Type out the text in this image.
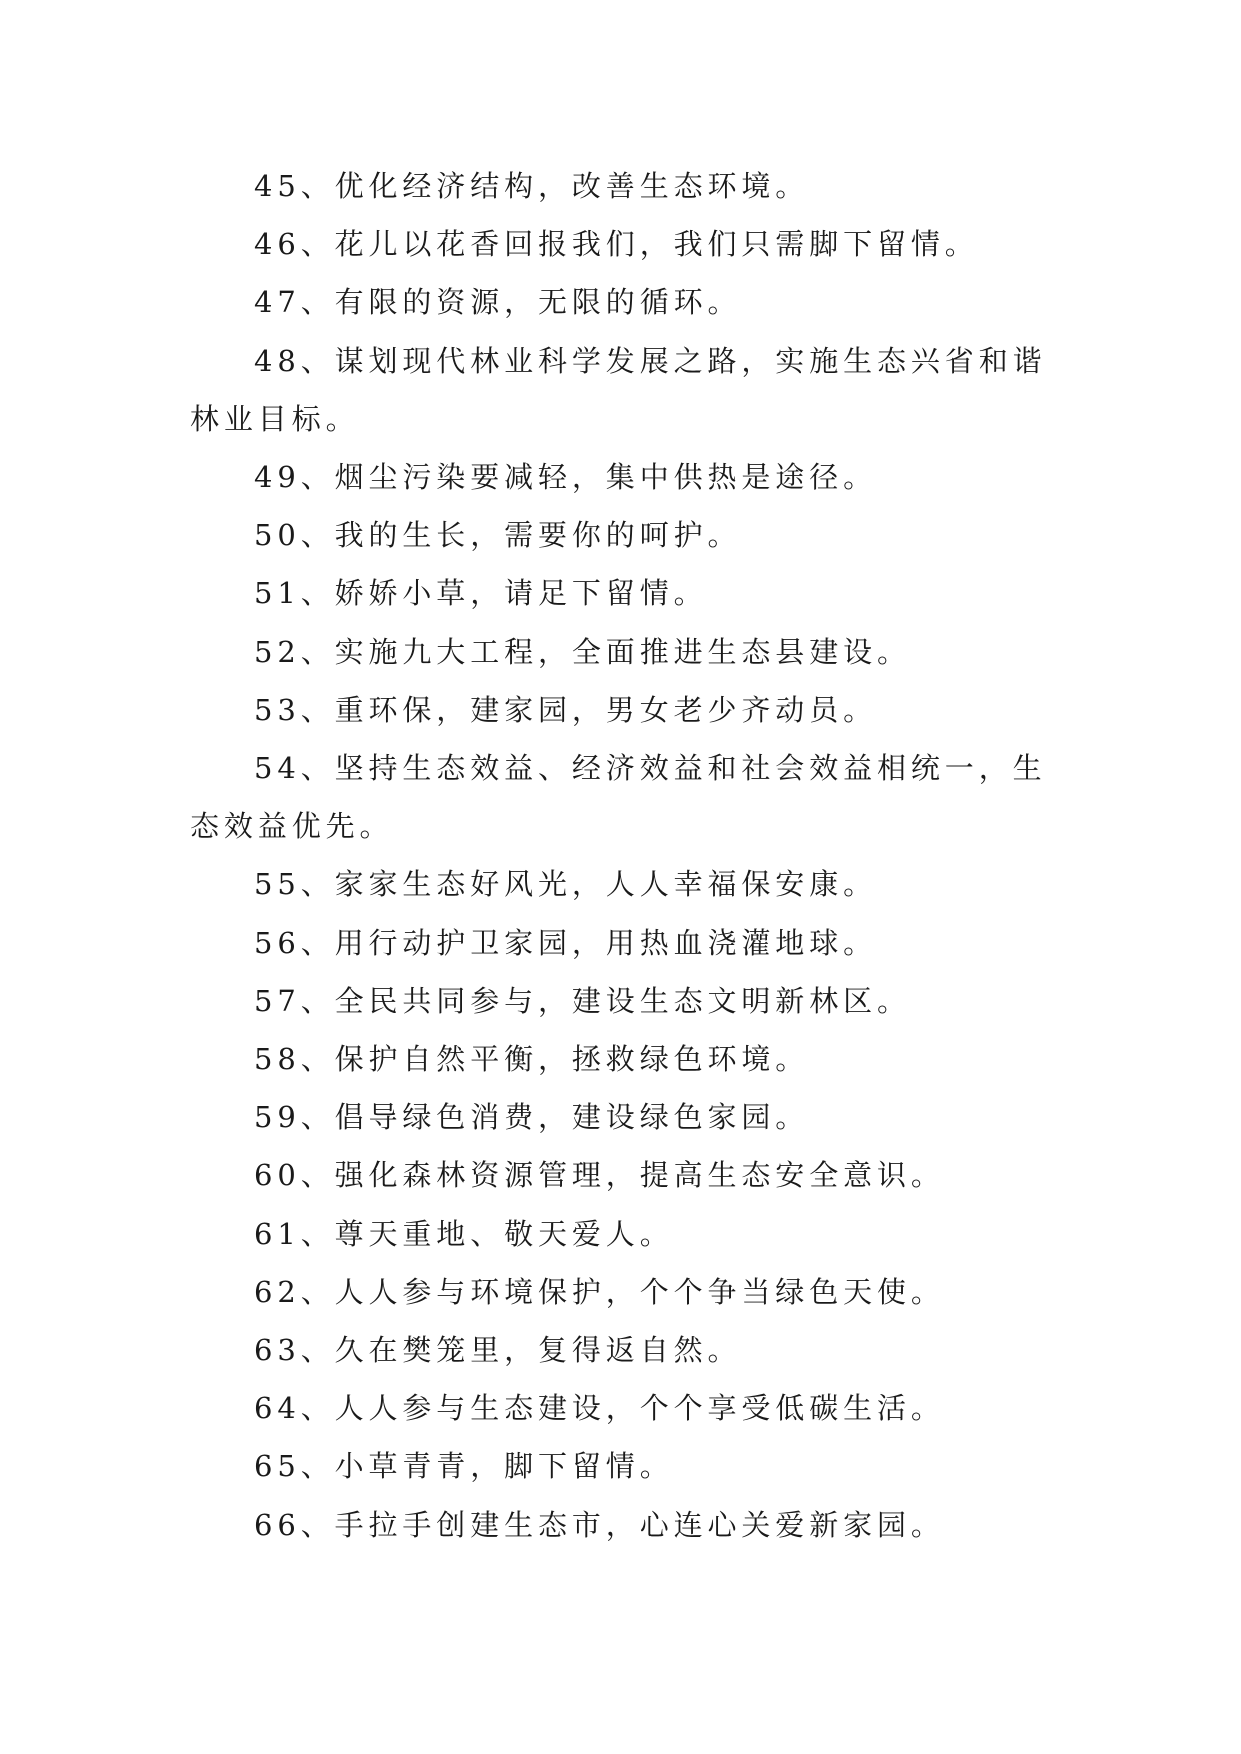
45、优化经济结构，改善生态环境。

46、花儿以花香回报我们，我们只需脚下留情。

47、有限的资源，无限的循环。

48、谋划现代林业科学发展之路，实施生态兴省和谐林业目标。

49、烟尘污染要减轻，集中供热是途径。

50、我的生长，需要你的呵护。

51、娇娇小草，请足下留情。

52、实施九大工程，全面推进生态县建设。

53、重环保，建家园，男女老少齐动员。

54、坚持生态效益、经济效益和社会效益相统一，生态效益优先。

55、家家生态好风光，人人幸福保安康。

56、用行动护卫家园，用热血浇灌地球。

57、全民共同参与，建设生态文明新林区。

58、保护自然平衡，拯救绿色环境。

59、倡导绿色消费，建设绿色家园。

60、强化森林资源管理，提高生态安全意识。

61、尊天重地、敬天爱人。

62、人人参与环境保护，个个争当绿色天使。

63、久在樊笼里，复得返自然。

64、人人参与生态建设，个个享受低碳生活。

65、小草青青，脚下留情。

66、手拉手创建生态市，心连心关爱新家园。
